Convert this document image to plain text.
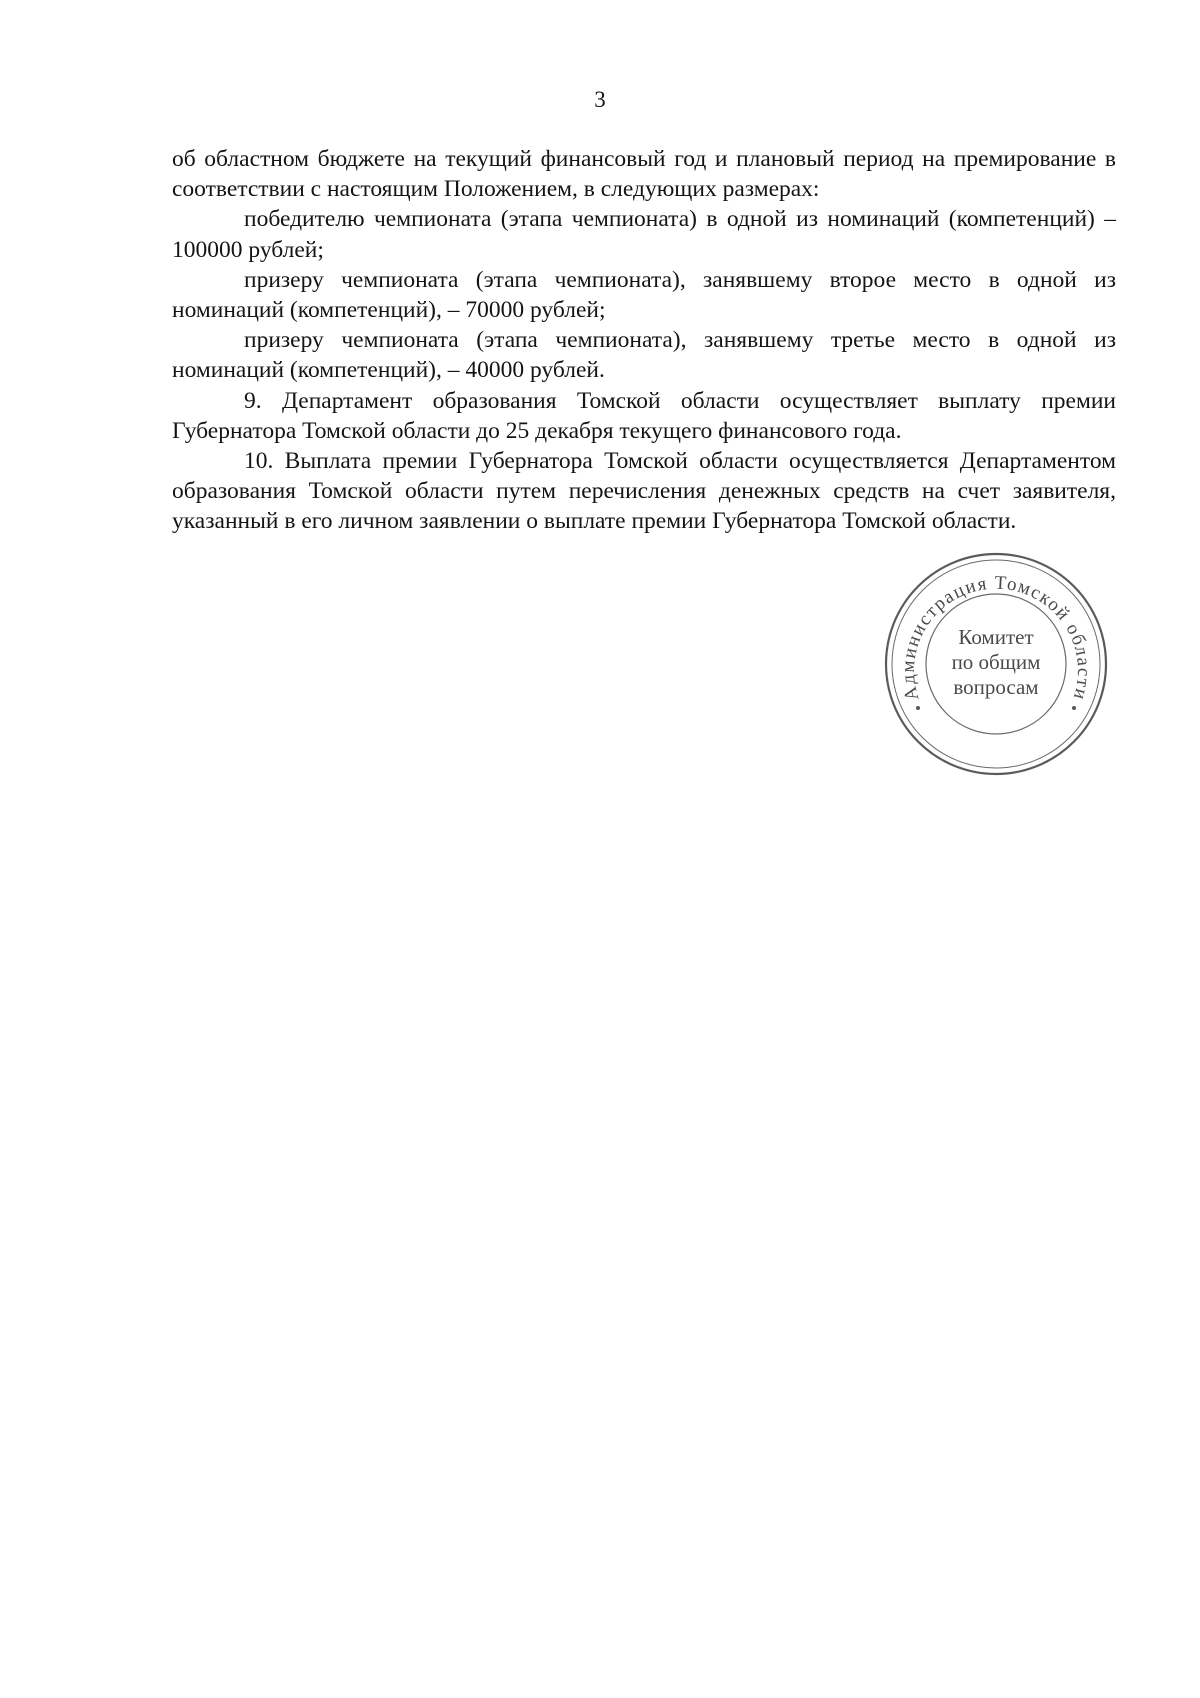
3

об областном бюджете на текущий финансовый год и плановый период на премирование в соответствии с настоящим Положением, в следующих размерах:

победителю чемпионата (этапа чемпионата) в одной из номинаций (компетенций) – 100000 рублей;

призеру чемпионата (этапа чемпионата), занявшему второе место в одной из номинаций (компетенций), – 70000 рублей;

призеру чемпионата (этапа чемпионата), занявшему третье место в одной из номинаций (компетенций), – 40000 рублей.

9. Департамент образования Томской области осуществляет выплату премии Губернатора Томской области до 25 декабря текущего финансового года.

10. Выплата премии Губернатора Томской области осуществляется Департаментом образования Томской области путем перечисления денежных средств на счет заявителя, указанный в его личном заявлении о выплате премии Губернатора Томской области.

Администрация Томской области
Комитет
по общим
вопросам
